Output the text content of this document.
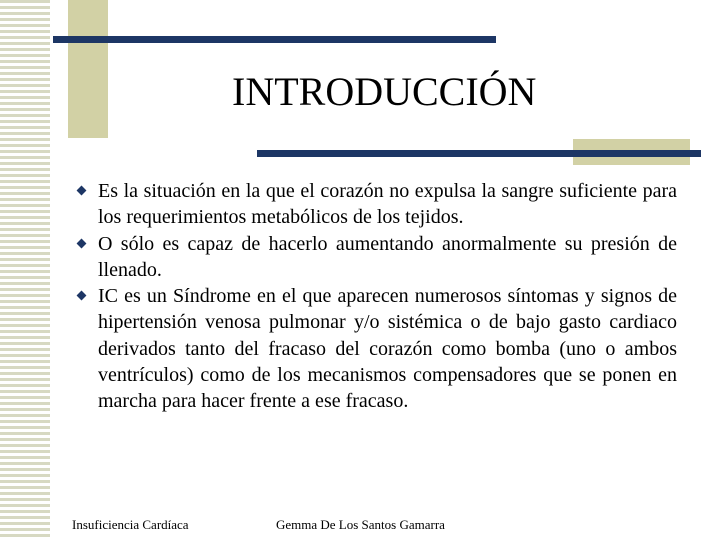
INTRODUCCIÓN
Es la situación en la que el corazón no expulsa la sangre suficiente para los requerimientos metabólicos de los tejidos.
O sólo es capaz de hacerlo aumentando anormalmente su presión de llenado.
IC es un Síndrome en el que aparecen numerosos síntomas y signos de hipertensión venosa pulmonar y/o sistémica o de bajo gasto cardiaco derivados tanto del fracaso del corazón como bomba (uno o ambos ventrículos) como de los mecanismos compensadores que se ponen en marcha para hacer frente a ese fracaso.
Insuficiencia Cardíaca	Gemma De Los Santos Gamarra
